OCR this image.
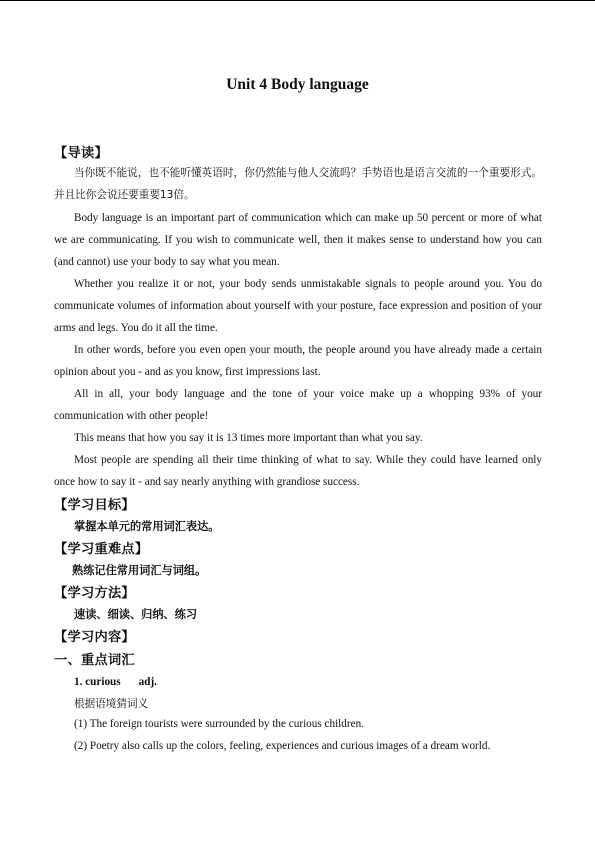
Unit 4 Body language
【导读】
当你既不能说，也不能听懂英语时，你仍然能与他人交流吗？手势语也是语言交流的一个重要形式。并且比你会说还要重要13倍。
Body language is an important part of communication which can make up 50 percent or more of what we are communicating. If you wish to communicate well, then it makes sense to understand how you can (and cannot) use your body to say what you mean.
Whether you realize it or not, your body sends unmistakable signals to people around you. You do communicate volumes of information about yourself with your posture, face expression and position of your arms and legs. You do it all the time.
In other words, before you even open your mouth, the people around you have already made a certain opinion about you - and as you know, first impressions last.
All in all, your body language and the tone of your voice make up a whopping 93% of your communication with other people!
This means that how you say it is 13 times more important than what you say.
Most people are spending all their time thinking of what to say. While they could have learned only once how to say it - and say nearly anything with grandiose success.
【学习目标】
掌握本单元的常用词汇表达。
【学习重难点】
熟练记住常用词汇与词组。
【学习方法】
速读、细读、归纳、练习
【学习内容】
一、重点词汇
1. curious adj.
根据语境猜词义
(1) The foreign tourists were surrounded by the curious children.
(2) Poetry also calls up the colors, feeling, experiences and curious images of a dream world.
